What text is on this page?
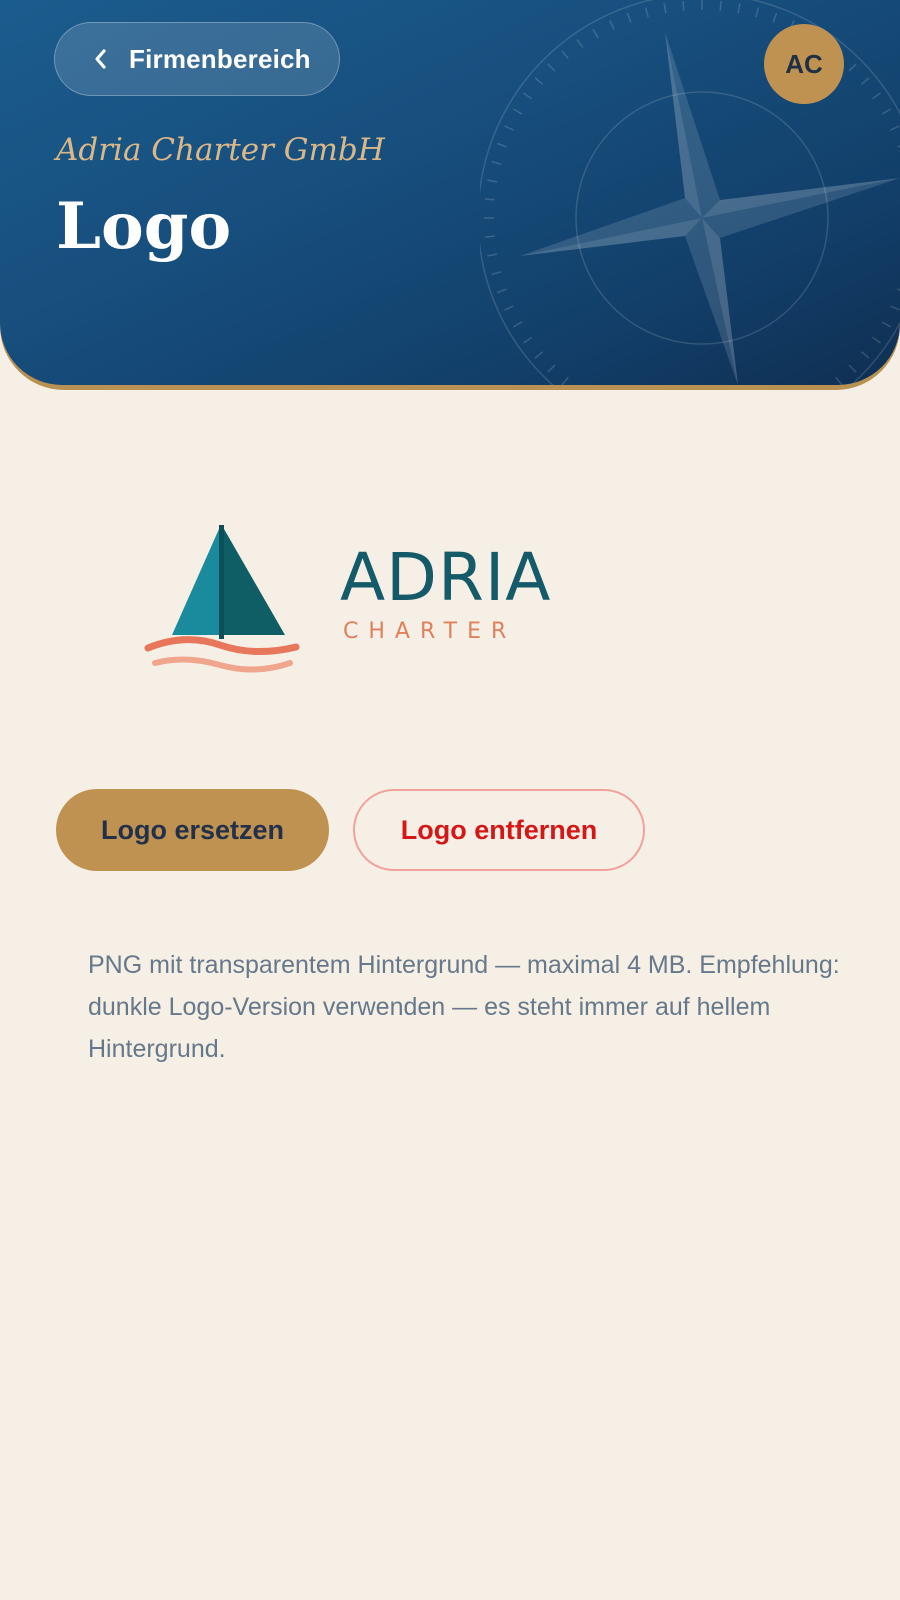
Firmenbereich	AC
Adria Charter GmbH
Logo
ADRIA
CHARTER
Logo ersetzen	Logo entfernen

PNG mit transparentem Hintergrund — maximal 4 MB. Empfehlung: dunkle Logo-Version verwenden — es steht immer auf hellem Hintergrund.
